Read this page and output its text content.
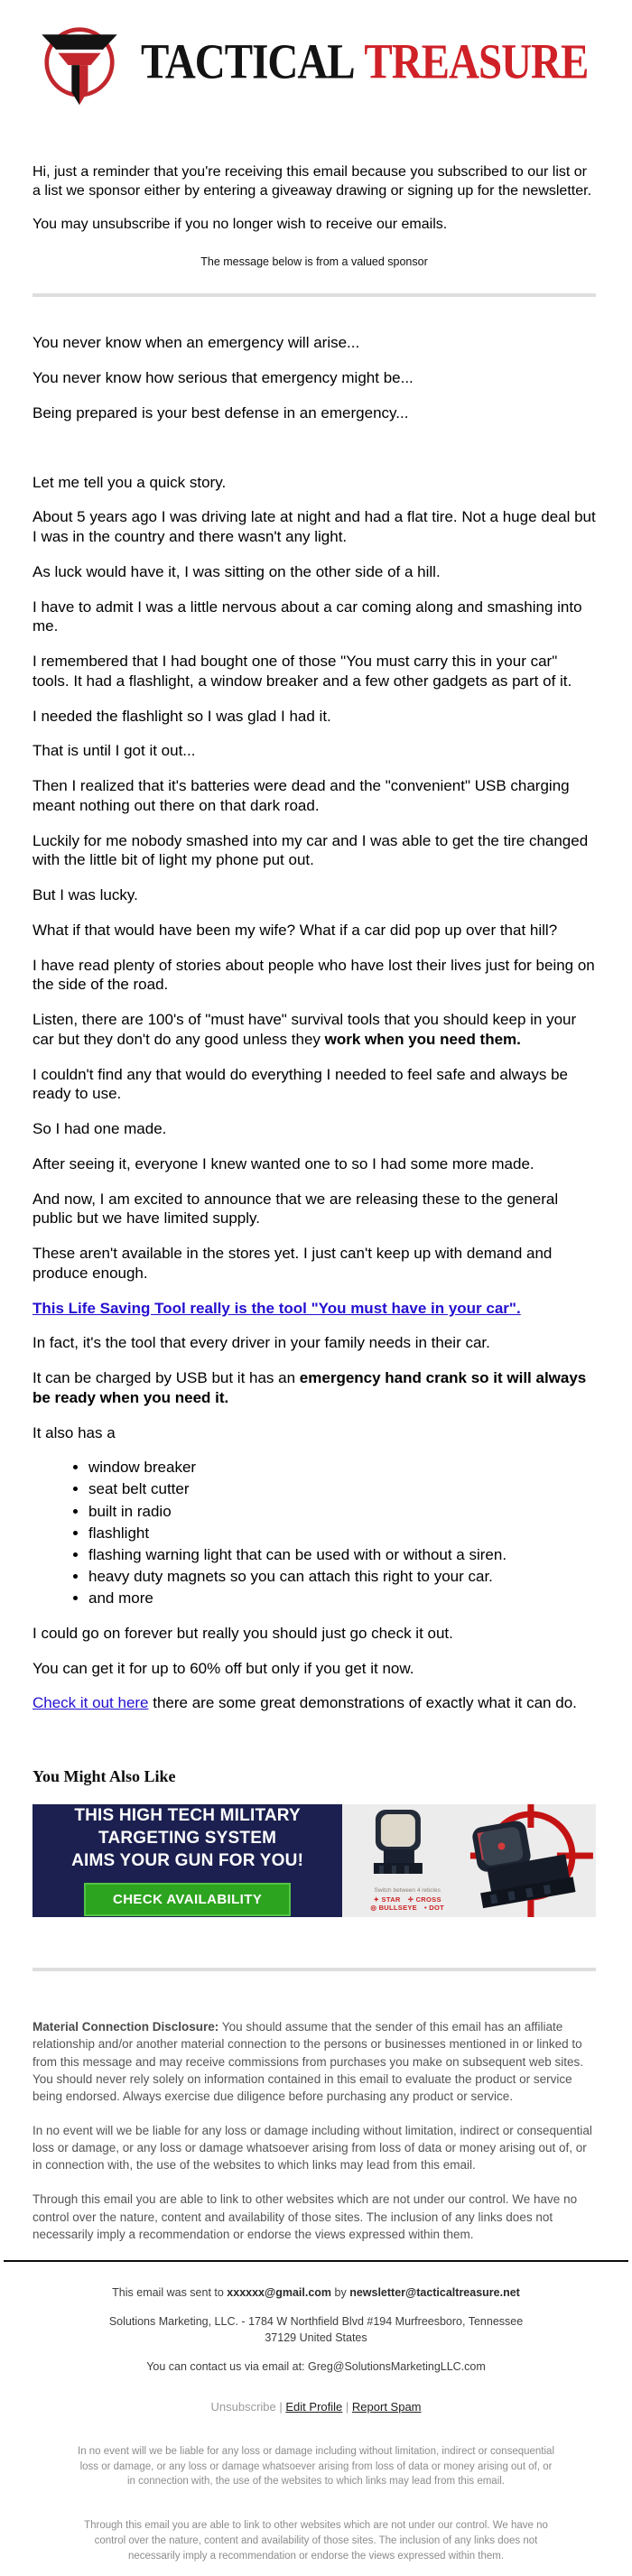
TACTICAL TREASURE

Hi, just a reminder that you're receiving this email because you subscribed to our list or a list we sponsor either by entering a giveaway drawing or signing up for the newsletter.

You may unsubscribe if you no longer wish to receive our emails.

The message below is from a valued sponsor

You never know when an emergency will arise...

You never know how serious that emergency might be...

Being prepared is your best defense in an emergency...

Let me tell you a quick story.

About 5 years ago I was driving late at night and had a flat tire. Not a huge deal but I was in the country and there wasn't any light.

As luck would have it, I was sitting on the other side of a hill.

I have to admit I was a little nervous about a car coming along and smashing into me.

I remembered that I had bought one of those "You must carry this in your car" tools. It had a flashlight, a window breaker and a few other gadgets as part of it.

I needed the flashlight so I was glad I had it.

That is until I got it out...

Then I realized that it's batteries were dead and the "convenient" USB charging meant nothing out there on that dark road.

Luckily for me nobody smashed into my car and I was able to get the tire changed with the little bit of light my phone put out.

But I was lucky.

What if that would have been my wife? What if a car did pop up over that hill?

I have read plenty of stories about people who have lost their lives just for being on the side of the road.

Listen, there are 100's of "must have" survival tools that you should keep in your car but they don't do any good unless they work when you need them.

I couldn't find any that would do everything I needed to feel safe and always be ready to use.

So I had one made.

After seeing it, everyone I knew wanted one to so I had some more made.

And now, I am excited to announce that we are releasing these to the general public but we have limited supply.

These aren't available in the stores yet. I just can't keep up with demand and produce enough.

This Life Saving Tool really is the tool "You must have in your car".

In fact, it's the tool that every driver in your family needs in their car.

It can be charged by USB but it has an emergency hand crank so it will always be ready when you need it.

It also has a

• window breaker
• seat belt cutter
• built in radio
• flashlight
• flashing warning light that can be used with or without a siren.
• heavy duty magnets so you can attach this right to your car.
• and more

I could go on forever but really you should just go check it out.

You can get it for up to 60% off but only if you get it now.

Check it out here there are some great demonstrations of exactly what it can do.

You Might Also Like
THIS HIGH TECH MILITARY
TARGETING SYSTEM
AIMS YOUR GUN FOR YOU!
CHECK AVAILABILITY
Switch between 4 reticles
✦ STAR ✛ CROSS
◎ BULLSEYE • DOT

Material Connection Disclosure: You should assume that the sender of this email has an affiliate relationship and/or another material connection to the persons or businesses mentioned in or linked to from this message and may receive commissions from purchases you make on subsequent web sites. You should never rely solely on information contained in this email to evaluate the product or service being endorsed. Always exercise due diligence before purchasing any product or service.

In no event will we be liable for any loss or damage including without limitation, indirect or consequential loss or damage, or any loss or damage whatsoever arising from loss of data or money arising out of, or in connection with, the use of the websites to which links may lead from this email.

Through this email you are able to link to other websites which are not under our control. We have no control over the nature, content and availability of those sites. The inclusion of any links does not necessarily imply a recommendation or endorse the views expressed within them.

This email was sent to xxxxxx@gmail.com by newsletter@tacticaltreasure.net
Solutions Marketing, LLC. - 1784 W Northfield Blvd #194 Murfreesboro, Tennessee 37129 United States
You can contact us via email at: Greg@SolutionsMarketingLLC.com
Unsubscribe | Edit Profile | Report Spam

In no event will we be liable for any loss or damage including without limitation, indirect or consequential loss or damage, or any loss or damage whatsoever arising from loss of data or money arising out of, or in connection with, the use of the websites to which links may lead from this email.

Through this email you are able to link to other websites which are not under our control. We have no control over the nature, content and availability of those sites. The inclusion of any links does not necessarily imply a recommendation or endorse the views expressed within them.
